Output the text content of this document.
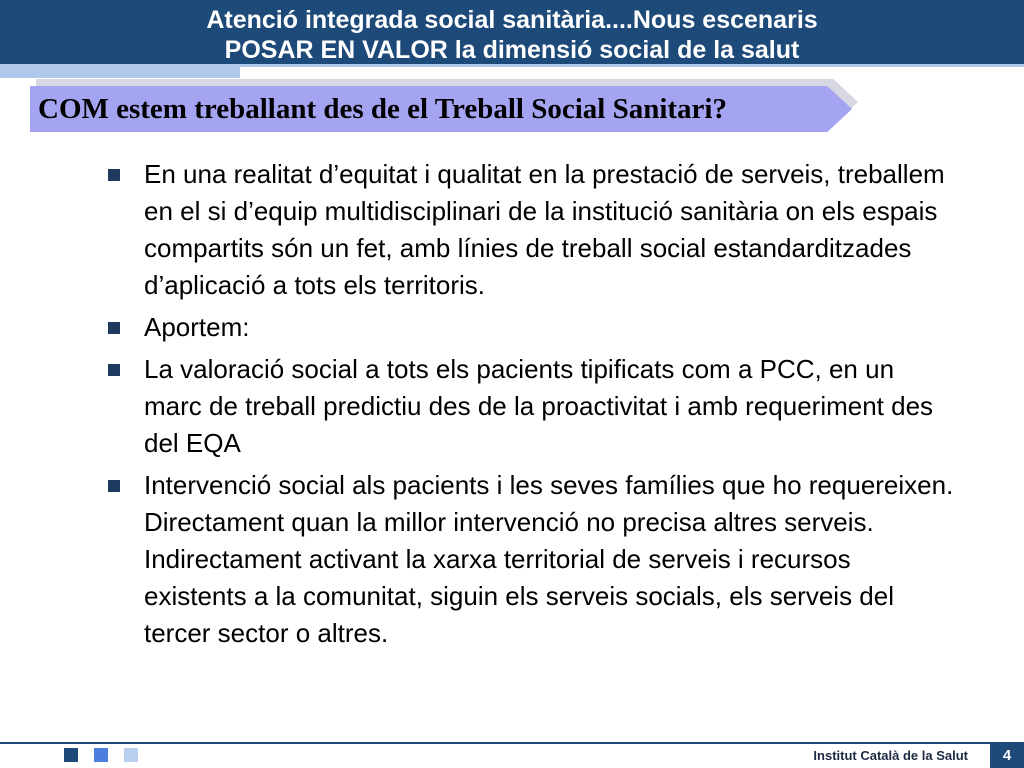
Atenció integrada social sanitària....Nous escenaris
POSAR EN VALOR la dimensió social de la salut
COM estem treballant des de el Treball Social Sanitari?
En una realitat d’equitat i qualitat en la prestació de serveis, treballem en el si d’equip multidisciplinari de la institució sanitària on els espais compartits són un fet, amb línies de treball social estandarditzades d’aplicació a tots els territoris.
Aportem:
La valoració social a tots els pacients tipificats com a PCC, en un marc de treball predictiu des de la proactivitat i amb requeriment des del EQA
Intervenció social als pacients i les seves famílies que ho requereixen. Directament quan la millor intervenció no precisa altres serveis. Indirectament activant la xarxa territorial de serveis i recursos existents a la comunitat, siguin els serveis socials, els serveis del tercer sector o altres.
Institut Català de la Salut	4
